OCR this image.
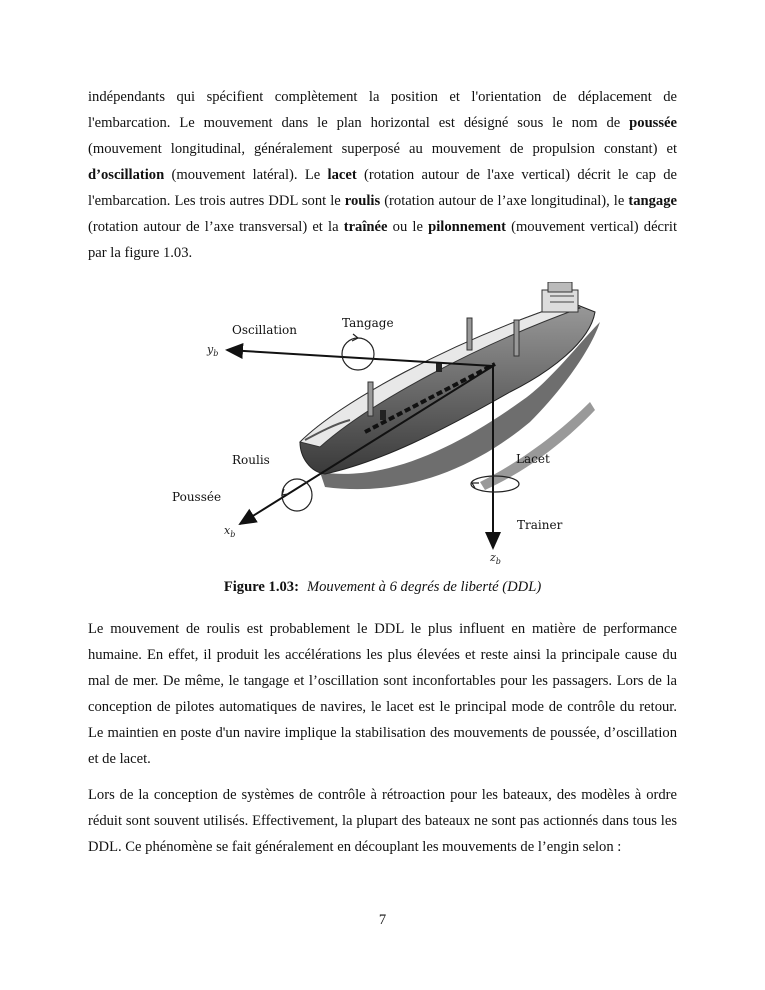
indépendants qui spécifient complètement la position et l'orientation de déplacement de l'embarcation. Le mouvement dans le plan horizontal est désigné sous le nom de poussée (mouvement longitudinal, généralement superposé au mouvement de propulsion constant) et d’oscillation (mouvement latéral). Le lacet (rotation autour de l'axe vertical) décrit le cap de l'embarcation. Les trois autres DDL sont le roulis (rotation autour de l’axe longitudinal), le tangage (rotation autour de l’axe transversal) et la traînée ou le pilonnement (mouvement vertical) décrit par la figure 1.03.

Oscillation	Tangage
Roulis
Poussée
Lacet
Trainer
$y_b$
$x_b$
$z_b$
Figure 1.03: Mouvement à 6 degrés de liberté (DDL)

Le mouvement de roulis est probablement le DDL le plus influent en matière de performance humaine. En effet, il produit les accélérations les plus élevées et reste ainsi la principale cause du mal de mer. De même, le tangage et l’oscillation sont inconfortables pour les passagers. Lors de la conception de pilotes automatiques de navires, le lacet est le principal mode de contrôle du retour. Le maintien en poste d'un navire implique la stabilisation des mouvements de poussée, d’oscillation et de lacet.

Lors de la conception de systèmes de contrôle à rétroaction pour les bateaux, des modèles à ordre réduit sont souvent utilisés. Effectivement, la plupart des bateaux ne sont pas actionnés dans tous les DDL. Ce phénomène se fait généralement en découplant les mouvements de l’engin selon :

7
